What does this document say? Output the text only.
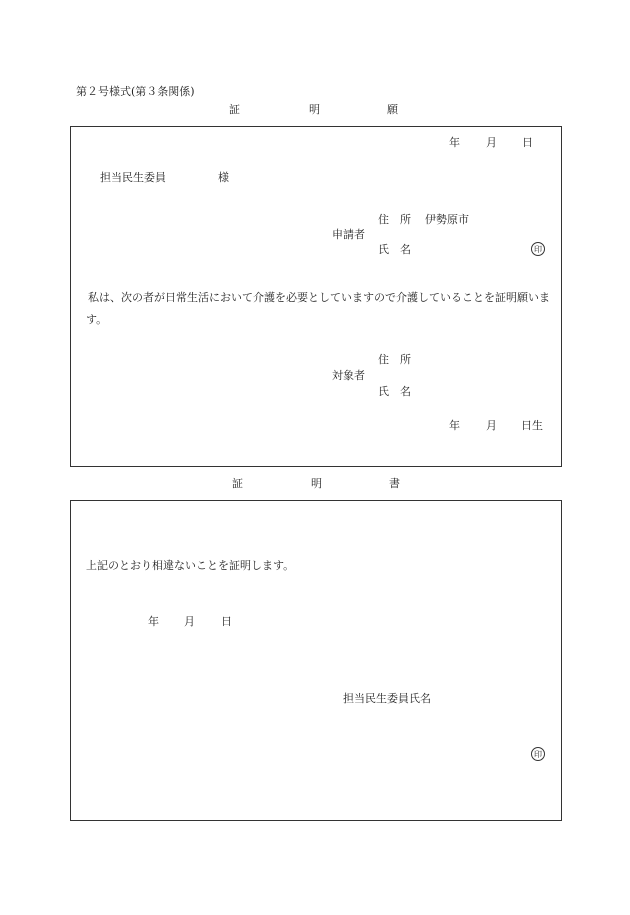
第２号様式(第３条関係)
証	明	願
年 月 日
担当民生委員	様
住　所 伊勢原市
申請者
氏　名	印
私は、次の者が日常生活において介護を必要としていますので介護していることを証明願います。
住　所
対象者
氏　名
年 月 日生
証	明	書
上記のとおり相違ないことを証明します。
年 月 日
担当民生委員氏名
印
